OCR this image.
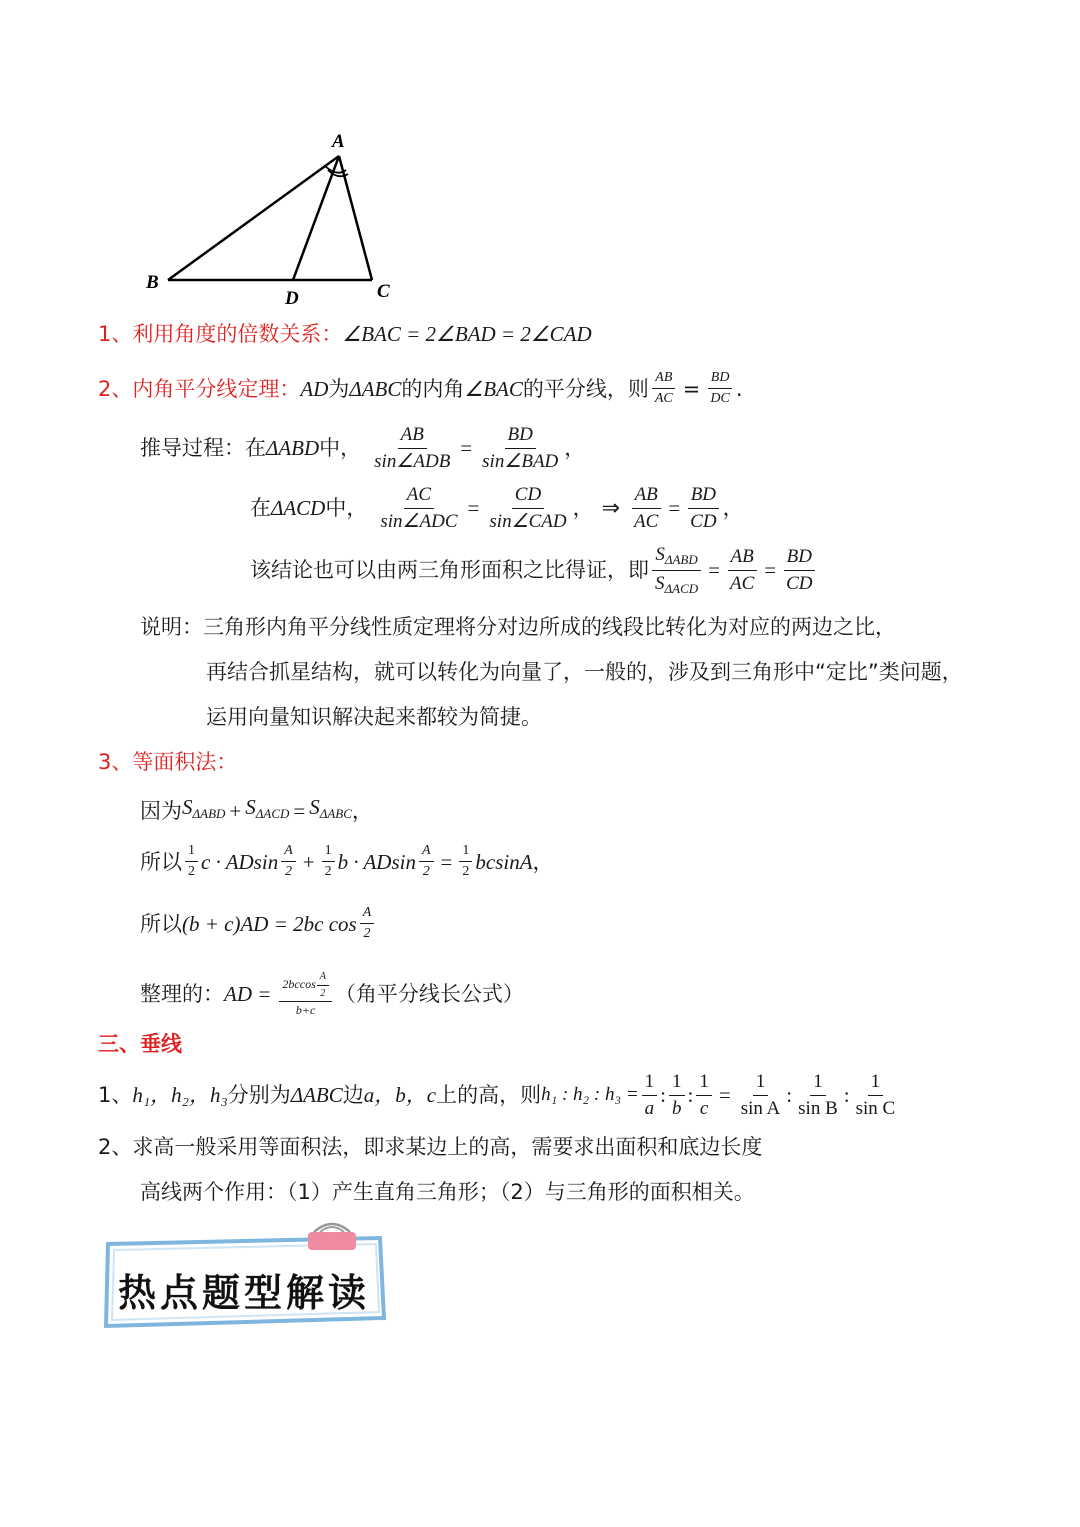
A
B	C
D
1、利用角度的倍数关系：∠BAC = 2∠BAD = 2∠CAD
2、内角平分线定理： AD 为 ΔABC 的内角 ∠BAC 的平分线，则 $\frac{AB}{AC} = \frac{BD}{DC}$ .
推导过程：在 ΔABD 中， $\frac{AB}{\text{sin∠ADB}} = \frac{BD}{\text{sin∠BAD}}$ ，
在 ΔACD 中， $\frac{AC}{\text{sin∠ADC}} = \frac{CD}{\text{sin∠CAD}}$ ， ⇒ $\frac{AB}{AC} = \frac{BD}{CD}$ ，
该结论也可以由两三角形面积之比得证，即 $\frac{S_{\Delta ABD}}{S_{\Delta ACD}} = \frac{AB}{AC} = \frac{BD}{CD}$
说明：三角形内角平分线性质定理将分对边所成的线段比转化为对应的两边之比，
再结合抓星结构，就可以转化为向量了，一般的，涉及到三角形中“定比”类问题，
运用向量知识解决起来都较为简捷。
3、等面积法：
因为 $S_{\Delta ABD} + S_{\Delta ACD} = S_{\Delta ABC}$ ，
所以 $\frac{1}{2}$ c · ADsin $\frac{A}{2} + \frac{1}{2}$ b · ADsin $\frac{A}{2} = \frac{1}{2}$ bcsinA ，
所以 (b + c)AD = 2bc $\cos \frac{A}{2}$
整理的： AD = $\frac{2bccos \frac{A}{2}}{b+c}$ （角平分线长公式）
三、垂线
1、 h₁，h₂，h₃ 分别为 ΔABC 边 a，b，c 上的高，则 h₁ : h₂ : $h_3 = \frac{1}{a}$ : $\frac{1}{b}$ : $\frac{1}{c} = \frac{1}{\text{sin A}}$ : $\frac{1}{\text{sin B}}$ : $\frac{1}{\text{sin C}}$
2、求高一般采用等面积法，即求某边上的高，需要求出面积和底边长度
高线两个作用：（1）产生直角三角形；（2）与三角形的面积相关。
热点题型解读
